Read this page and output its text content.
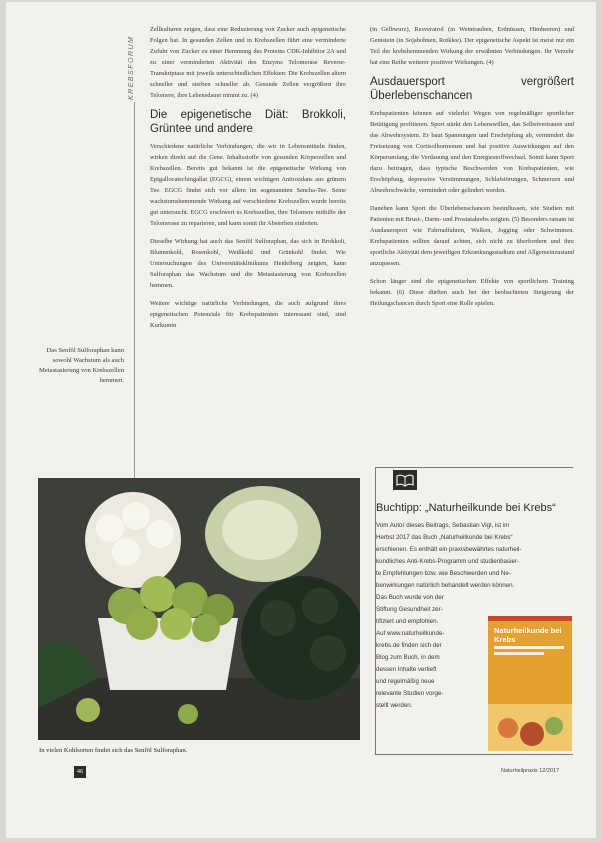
KREBSFORUM

Zellkulturen zeigen, dass eine Reduzierung von Zucker auch epigenetische Folgen hat. In gesunden Zellen und in Krebszellen führt eine verminderte Zufuhr von Zucker zu einer Hemmung des Proteins CDK-Inhibitor 2A und zu einer verminderten Aktivität des Enzyms Telomerase Reverse-Transkriptase mit jeweils unterschiedlichen Effekten: Die Krebszellen altern schneller und sterben schneller ab. Gesunde Zellen vergrößern ihre Telomere, ihre Lebensdauer nimmt zu. (4)

Die epigenetische Diät: Brokkoli, Grüntee und andere

Verschiedene natürliche Verbindungen, die wir in Lebensmitteln finden, wirken direkt auf die Gene. Inhaltsstoffe von gesunden Körperzellen und Krebszellen. Bereits gut bekannt ist die epigenetische Wirkung von Epigallocatechingallat (EGCG), einem wichtigen Antioxidans aus grünem Tee. EGCG findet sich vor allem im sogenannten Sencha-Tee. Seine wachstumshemmende Wirkung auf verschiedene Krebszellen wurde bereits gut untersucht. EGCG erschwert es Krebszellen, ihre Telomere mithilfe der Telomerase zu reparieren, und kann somit ihr Absterben einleiten.

Dieselbe Wirkung hat auch das Senföl Sulforaphan, das sich in Brokkoli, Blumenkohl, Rosenkohl, Weißkohl und Grünkohl findet. Wie Untersuchungen des Universitätsklinikums Heidelberg zeigten, kann Sulforaphan das Wachstum und die Metastasierung von Krebszellen hemmen.

Weitere wichtige natürliche Verbindungen, die auch aufgrund ihres epigenetischen Potenzials für Krebspatienten interessant sind, sind Kurkumin

Das Senföl Sulforaphan kann sowohl Wachstum als auch Metastasierung von Krebszellen hemmen.

(in Gelbwurz), Resveratrol (in Weintrauben, Erdnüssen, Himbeeren) und Genistein (in Sojabohnen, Rotklee). Der epigenetische Aspekt ist meist nur ein Teil der krebshemmenden Wirkung der erwähnten Verbindungen. Ihr Verzehr hat eine Reihe weiterer positiver Wirkungen. (4)

Ausdauersport vergrößert Überlebenschancen

Krebspatienten können auf vielerlei Wegen von regelmäßiger sportlicher Betätigung profitieren. Sport stärkt den Lebenswillen, das Selbstvertrauen und das Abwehrsystem. Er baut Spannungen und Erschöpfung ab, vermindert die Freisetzung von Cortisolhormonen und hat positive Auswirkungen auf den Körperumfang, die Verdauung und den Energiestoffwechsel. Somit kann Sport dazu beitragen, dass typische Beschwerden von Krebspatienten, wie Erschöpfung, depressive Verstimmungen, Schlafstörungen, Schmerzen und Abwehrschwäche, vermindert oder gelindert werden.

Daneben kann Sport die Überlebenschancen beeinflussen, wie Studien mit Patienten mit Brust-, Darm- und Prostatakrebs zeigten. (5) Besonders ratsam ist Ausdauersport wie Fahrradfahren, Walken, Jogging oder Schwimmen. Krebspatienten sollten darauf achten, sich nicht zu überfordern und ihre sportliche Aktivität dem jeweiligen Erkrankungsstadium und Allgemeinzustand anzupassen.

Schon länger sind die epigenetischen Effekte von sportlichem Training bekannt. (6) Diese dürften auch bei der beobachteten Steigerung der Heilungschancen durch Sport eine Rolle spielen.

In vielen Kohlsorten findet sich das Senföl Sulforaphan.
Buchtipp: „Naturheilkunde bei Krebs“
Vom Autor dieses Beitrags, Sebastian Vigl, ist im
Herbst 2017 das Buch „Naturheilkunde bei Krebs“
erschienen. Es enthält ein praxisbewährtes naturheil-
kundliches Anti-Krebs-Programm und studienbasier-
te Empfehlungen bzw. wie Beschwerden und Ne-
benwirkungen natürlich behandelt werden können.
Das Buch wurde von der
Stiftung Gesundheit zer-
tifiziert und empfohlen.
Auf www.naturheilkunde-
krebs.de finden sich der
Blog zum Buch, in dem
dessen Inhalte vertieft
und regelmäßig neue
relevante Studien vorge-
stellt werden.
Naturheilkunde bei Krebs
46	Naturheilpraxis 12/2017
